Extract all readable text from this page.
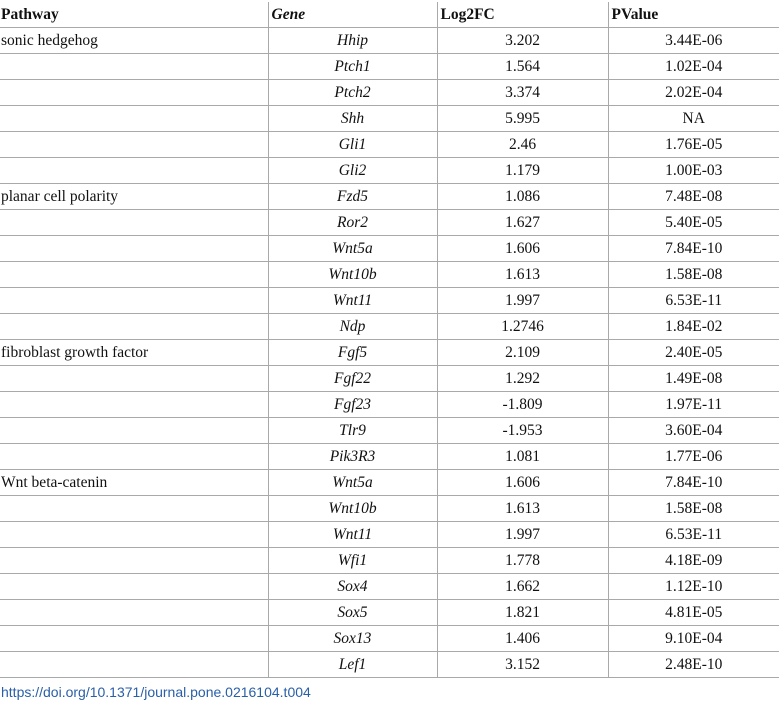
Pathway	Gene	Log2FC	PValue
sonic hedgehog	Hhip	3.202	3.44E-06
	Ptch1	1.564	1.02E-04
	Ptch2	3.374	2.02E-04
	Shh	5.995	NA
	Gli1	2.46	1.76E-05
	Gli2	1.179	1.00E-03
planar cell polarity	Fzd5	1.086	7.48E-08
	Ror2	1.627	5.40E-05
	Wnt5a	1.606	7.84E-10
	Wnt10b	1.613	1.58E-08
	Wnt11	1.997	6.53E-11
	Ndp	1.2746	1.84E-02
fibroblast growth factor	Fgf5	2.109	2.40E-05
	Fgf22	1.292	1.49E-08
	Fgf23	-1.809	1.97E-11
	Tlr9	-1.953	3.60E-04
	Pik3R3	1.081	1.77E-06
Wnt beta-catenin	Wnt5a	1.606	7.84E-10
	Wnt10b	1.613	1.58E-08
	Wnt11	1.997	6.53E-11
	Wfi1	1.778	4.18E-09
	Sox4	1.662	1.12E-10
	Sox5	1.821	4.81E-05
	Sox13	1.406	9.10E-04
	Lef1	3.152	2.48E-10
https://doi.org/10.1371/journal.pone.0216104.t004
